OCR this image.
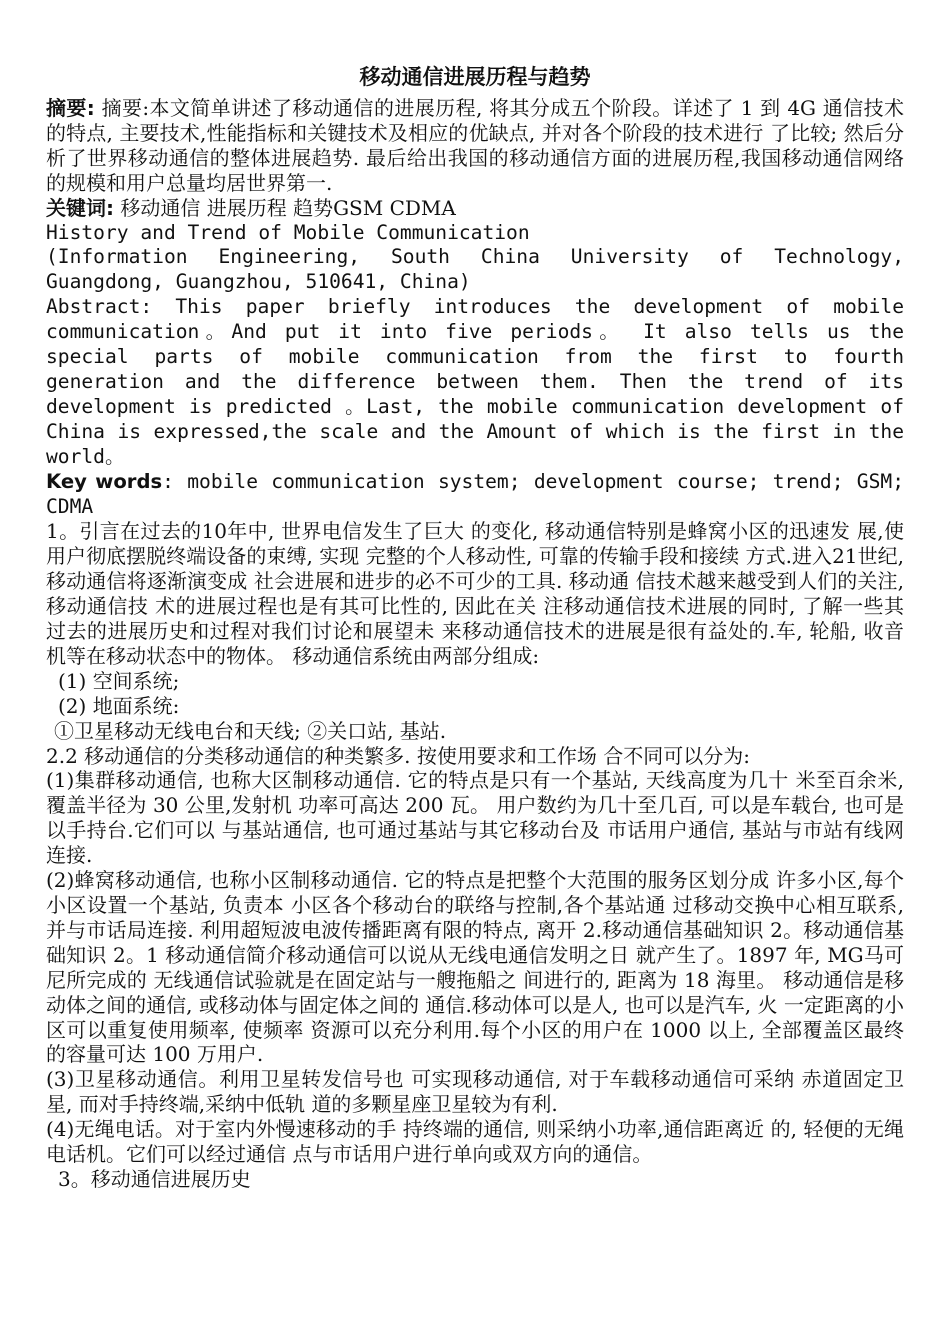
移动通信进展历程与趋势

摘要: 摘要:本文简单讲述了移动通信的进展历程, 将其分成五个阶段。详述了 1 到 4G 通信技术的特点, 主要技术,性能指标和关键技术及相应的优缺点, 并对各个阶段的技术进行 了比较; 然后分析了世界移动通信的整体进展趋势. 最后给出我国的移动通信方面的进展历程,我国移动通信网络的规模和用户总量均居世界第一.

关键词: 移动通信 进展历程 趋势GSM CDMA

History and Trend of Mobile Communication

(Information Engineering, South China University of Technology, Guangdong, Guangzhou, 510641, China)

Abstract: This paper briefly introduces the development of mobile communication。And put it into five periods。 It also tells us the special parts of mobile communication from the first to fourth generation and the difference between them. Then the trend of its development is predicted 。Last, the mobile communication development of China is expressed,the scale and the Amount of which is the first in the world。

Key words: mobile communication system; development course; trend; GSM; CDMA

1。引言在过去的10年中, 世界电信发生了巨大 的变化, 移动通信特别是蜂窝小区的迅速发 展,使用户彻底摆脱终端设备的束缚, 实现 完整的个人移动性, 可靠的传输手段和接续 方式.进入21世纪,移动通信将逐渐演变成 社会进展和进步的必不可少的工具. 移动通 信技术越来越受到人们的关注, 移动通信技 术的进展过程也是有其可比性的, 因此在关 注移动通信技术进展的同时, 了解一些其过去的进展历史和过程对我们讨论和展望未 来移动通信技术的进展是很有益处的.车, 轮船, 收音机等在移动状态中的物体。 移动通信系统由两部分组成:

(1) 空间系统;

(2) 地面系统:

①卫星移动无线电台和天线; ②关口站, 基站.

2.2 移动通信的分类移动通信的种类繁多. 按使用要求和工作场 合不同可以分为:

(1)集群移动通信, 也称大区制移动通信. 它的特点是只有一个基站, 天线高度为几十 米至百余米, 覆盖半径为 30 公里,发射机 功率可高达 200 瓦。 用户数约为几十至几百, 可以是车载台, 也可是以手持台.它们可以 与基站通信, 也可通过基站与其它移动台及 市话用户通信, 基站与市站有线网连接.

(2)蜂窝移动通信, 也称小区制移动通信. 它的特点是把整个大范围的服务区划分成 许多小区,每个小区设置一个基站, 负责本 小区各个移动台的联络与控制,各个基站通 过移动交换中心相互联系, 并与市话局连接. 利用超短波电波传播距离有限的特点, 离开 2.移动通信基础知识 2。移动通信基础知识 2。1 移动通信简介移动通信可以说从无线电通信发明之日 就产生了。1897 年, MG马可尼所完成的 无线通信试验就是在固定站与一艘拖船之 间进行的, 距离为 18 海里。 移动通信是移 动体之间的通信, 或移动体与固定体之间的 通信.移动体可以是人, 也可以是汽车, 火 一定距离的小区可以重复使用频率, 使频率 资源可以充分利用.每个小区的用户在 1000 以上, 全部覆盖区最终的容量可达 100 万用户.

(3)卫星移动通信。利用卫星转发信号也 可实现移动通信, 对于车载移动通信可采纳 赤道固定卫星, 而对手持终端,采纳中低轨 道的多颗星座卫星较为有利.

(4)无绳电话。对于室内外慢速移动的手 持终端的通信, 则采纳小功率,通信距离近 的, 轻便的无绳电话机。它们可以经过通信 点与市话用户进行单向或双方向的通信。

3。移动通信进展历史
